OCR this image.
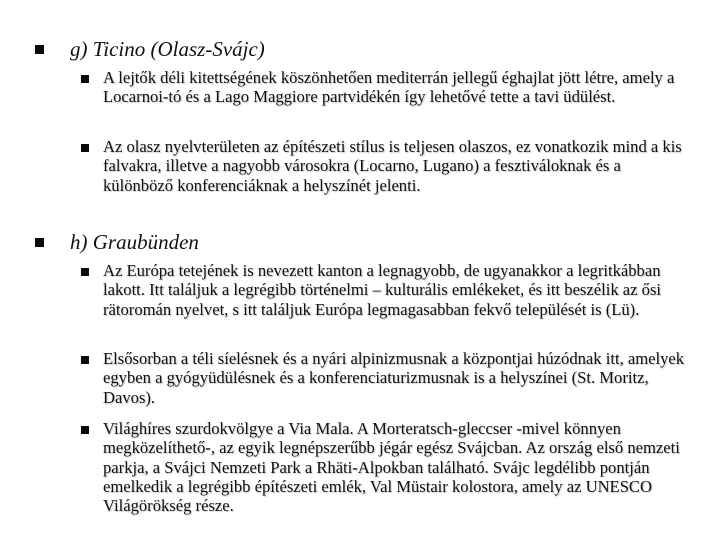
g) Ticino (Olasz-Svájc)
A lejtők déli kitettségének köszönhetően mediterrán jellegű éghajlat jött létre, amely a Locarnoi-tó és a Lago Maggiore partvidékén így lehetővé tette a tavi üdülést.
Az olasz nyelvterületen az építészeti stílus is teljesen olaszos, ez vonatkozik mind a kis falvakra, illetve a nagyobb városokra (Locarno, Lugano) a fesztiváloknak és a különböző konferenciáknak a helyszínét jelenti.
h) Graubünden
Az Európa tetejének is nevezett kanton a legnagyobb, de ugyanakkor a legritkábban lakott. Itt találjuk a legrégibb történelmi – kulturális emlékeket, és itt beszélik az ősi rätoromán nyelvet, s itt találjuk Európa legmagasabban fekvő települését is (Lü).
Elsősorban a téli síelésnek és a nyári alpinizmusnak a központjai húzódnak itt, amelyek egyben a gyógyüdülésnek és a konferenciaturizmusnak is a helyszínei (St. Moritz, Davos).
Világhíres szurdokvölgye a Via Mala. A Morteratsch-gleccser -mivel könnyen megközelíthető-, az egyik legnépszerűbb jégár egész Svájcban. Az ország első nemzeti parkja, a Svájci Nemzeti Park a Rhäti-Alpokban található. Svájc legdélibb pontján emelkedik a legrégibb építészeti emlék, Val Müstair kolostora, amely az UNESCO Világörökség része.
